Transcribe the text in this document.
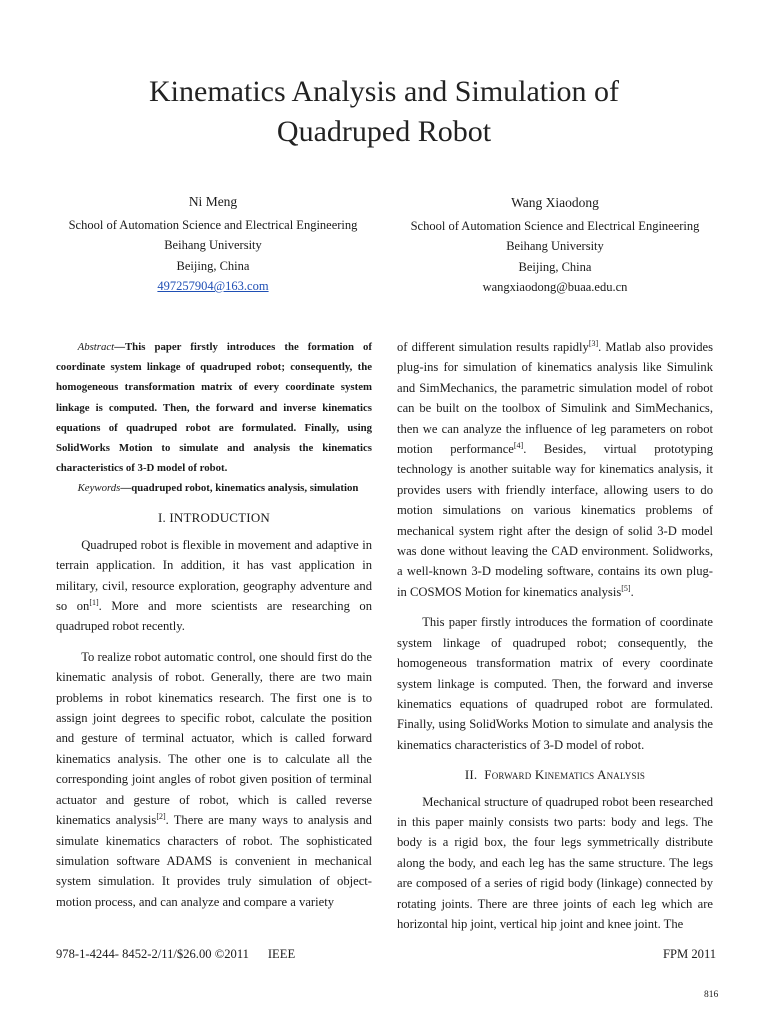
Kinematics Analysis and Simulation of
Quadruped Robot
Ni Meng
School of Automation Science and Electrical Engineering
Beihang University
Beijing, China
497257904@163.com
Wang Xiaodong
School of Automation Science and Electrical Engineering
Beihang University
Beijing, China
wangxiaodong@buaa.edu.cn

Abstract—This paper firstly introduces the formation of coordinate system linkage of quadruped robot; consequently, the homogeneous transformation matrix of every coordinate system linkage is computed. Then, the forward and inverse kinematics equations of quadruped robot are formulated. Finally, using SolidWorks Motion to simulate and analysis the kinematics characteristics of 3-D model of robot.

Keywords—quadruped robot, kinematics analysis, simulation

I. INTRODUCTION

Quadruped robot is flexible in movement and adaptive in terrain application. In addition, it has vast application in military, civil, resource exploration, geography adventure and so on[1]. More and more scientists are researching on quadruped robot recently.

To realize robot automatic control, one should first do the kinematic analysis of robot. Generally, there are two main problems in robot kinematics research. The first one is to assign joint degrees to specific robot, calculate the position and gesture of terminal actuator, which is called forward kinematics analysis. The other one is to calculate all the corresponding joint angles of robot given position of terminal actuator and gesture of robot, which is called reverse kinematics analysis[2]. There are many ways to analysis and simulate kinematics characters of robot. The sophisticated simulation software ADAMS is convenient in mechanical system simulation. It provides truly simulation of object-motion process, and can analyze and compare a variety

of different simulation results rapidly[3]. Matlab also provides plug-ins for simulation of kinematics analysis like Simulink and SimMechanics, the parametric simulation model of robot can be built on the toolbox of Simulink and SimMechanics, then we can analyze the influence of leg parameters on robot motion performance[4]. Besides, virtual prototyping technology is another suitable way for kinematics analysis, it provides users with friendly interface, allowing users to do motion simulations on various kinematics problems of mechanical system right after the design of solid 3-D model was done without leaving the CAD environment. Solidworks, a well-known 3-D modeling software, contains its own plug-in COSMOS Motion for kinematics analysis[5].

This paper firstly introduces the formation of coordinate system linkage of quadruped robot; consequently, the homogeneous transformation matrix of every coordinate system linkage is computed. Then, the forward and inverse kinematics equations of quadruped robot are formulated. Finally, using SolidWorks Motion to simulate and analysis the kinematics characteristics of 3-D model of robot.

II. Forward Kinematics Analysis

Mechanical structure of quadruped robot been researched in this paper mainly consists two parts: body and legs. The body is a rigid box, the four legs symmetrically distribute along the body, and each leg has the same structure. The legs are composed of a series of rigid body (linkage) connected by rotating joints. There are three joints of each leg which are horizontal hip joint, vertical hip joint and knee joint. The

978-1-4244- 8452-2/11/$26.00 ©2011      IEEE	FPM 2011
816
